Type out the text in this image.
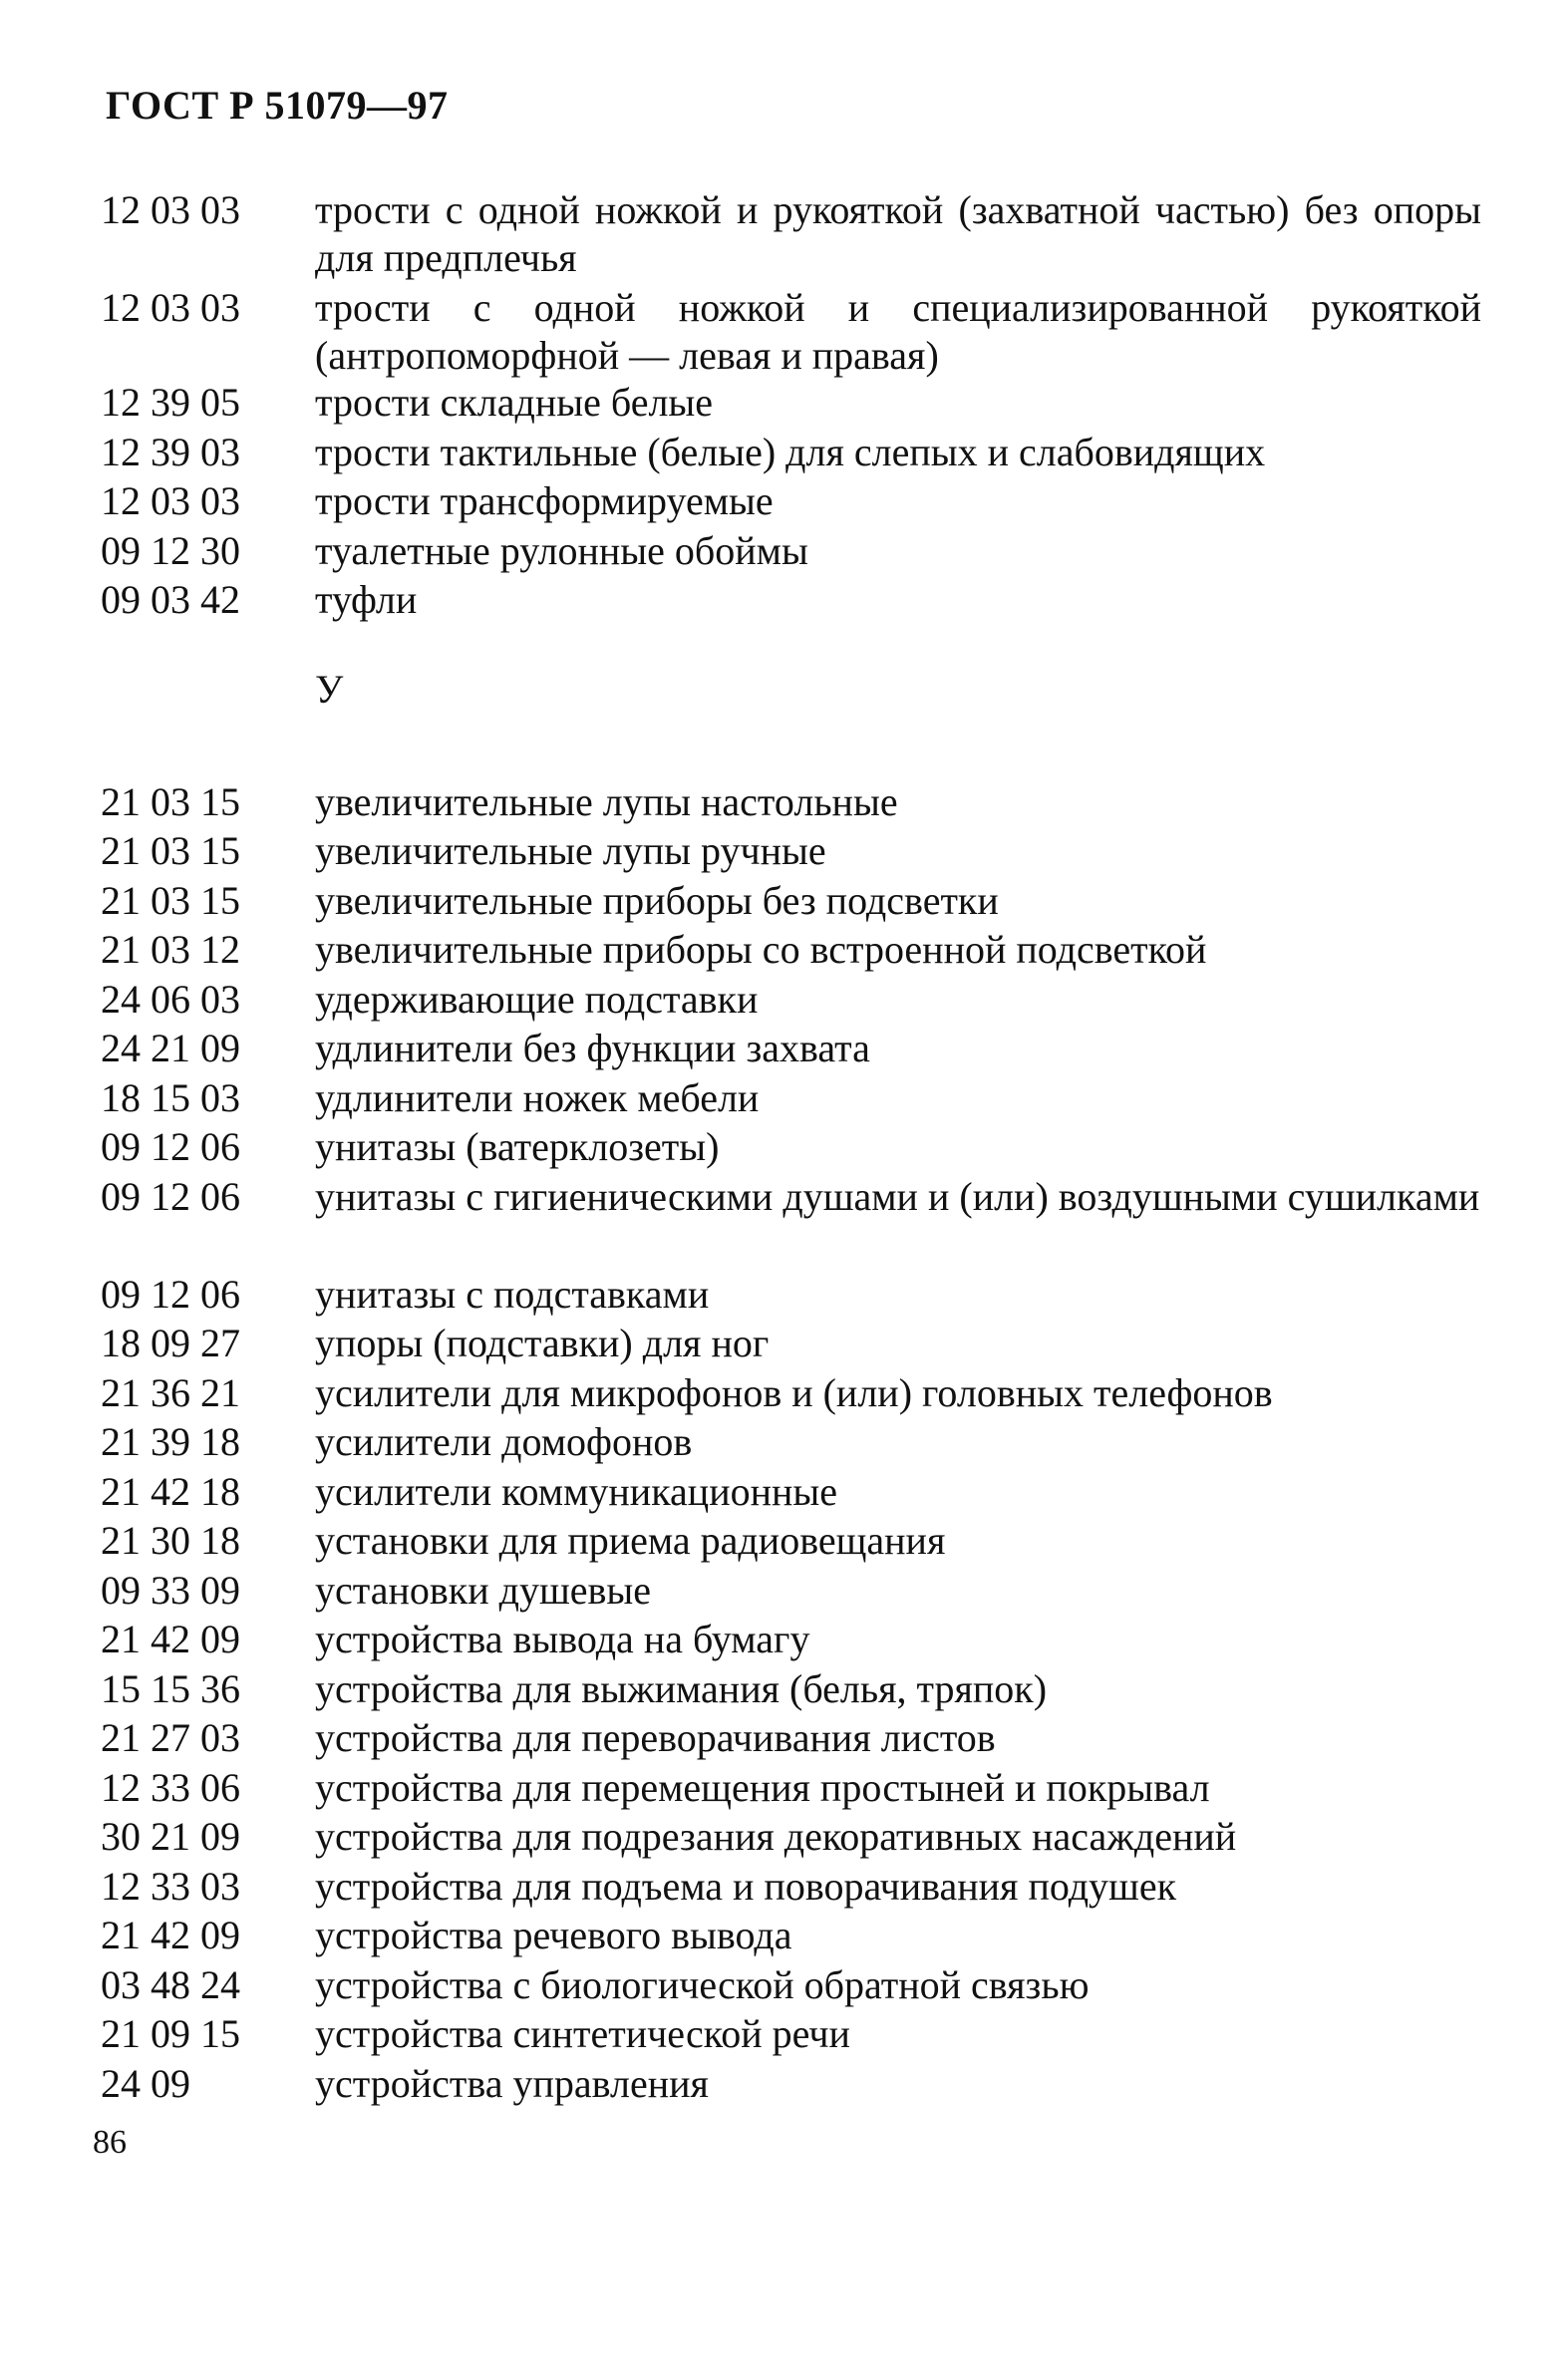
ГОСТ Р 51079—97
12 03 03 трости с одной ножкой и рукояткой (захватной частью) без опоры для предплечья
12 03 03 трости с одной ножкой и специализированной рукояткой (антропоморфной — левая и правая)
12 39 05 трости складные белые
12 39 03 трости тактильные (белые) для слепых и слабовидящих
12 03 03 трости трансформируемые
09 12 30 туалетные рулонные обоймы
09 03 42 туфли
У
21 03 15 увеличительные лупы настольные
21 03 15 увеличительные лупы ручные
21 03 15 увеличительные приборы без подсветки
21 03 12 увеличительные приборы со встроенной подсветкой
24 06 03 удерживающие подставки
24 21 09 удлинители без функции захвата
18 15 03 удлинители ножек мебели
09 12 06 унитазы (ватерклозеты)
09 12 06 унитазы с гигиеническими душами и (или) воздушными сушилками
09 12 06 унитазы с подставками
18 09 27 упоры (подставки) для ног
21 36 21 усилители для микрофонов и (или) головных телефонов
21 39 18 усилители домофонов
21 42 18 усилители коммуникационные
21 30 18 установки для приема радиовещания
09 33 09 установки душевые
21 42 09 устройства вывода на бумагу
15 15 36 устройства для выжимания (белья, тряпок)
21 27 03 устройства для переворачивания листов
12 33 06 устройства для перемещения простыней и покрывал
30 21 09 устройства для подрезания декоративных насаждений
12 33 03 устройства для подъема и поворачивания подушек
21 42 09 устройства речевого вывода
03 48 24 устройства с биологической обратной связью
21 09 15 устройства синтетической речи
24 09	устройства управления
86
